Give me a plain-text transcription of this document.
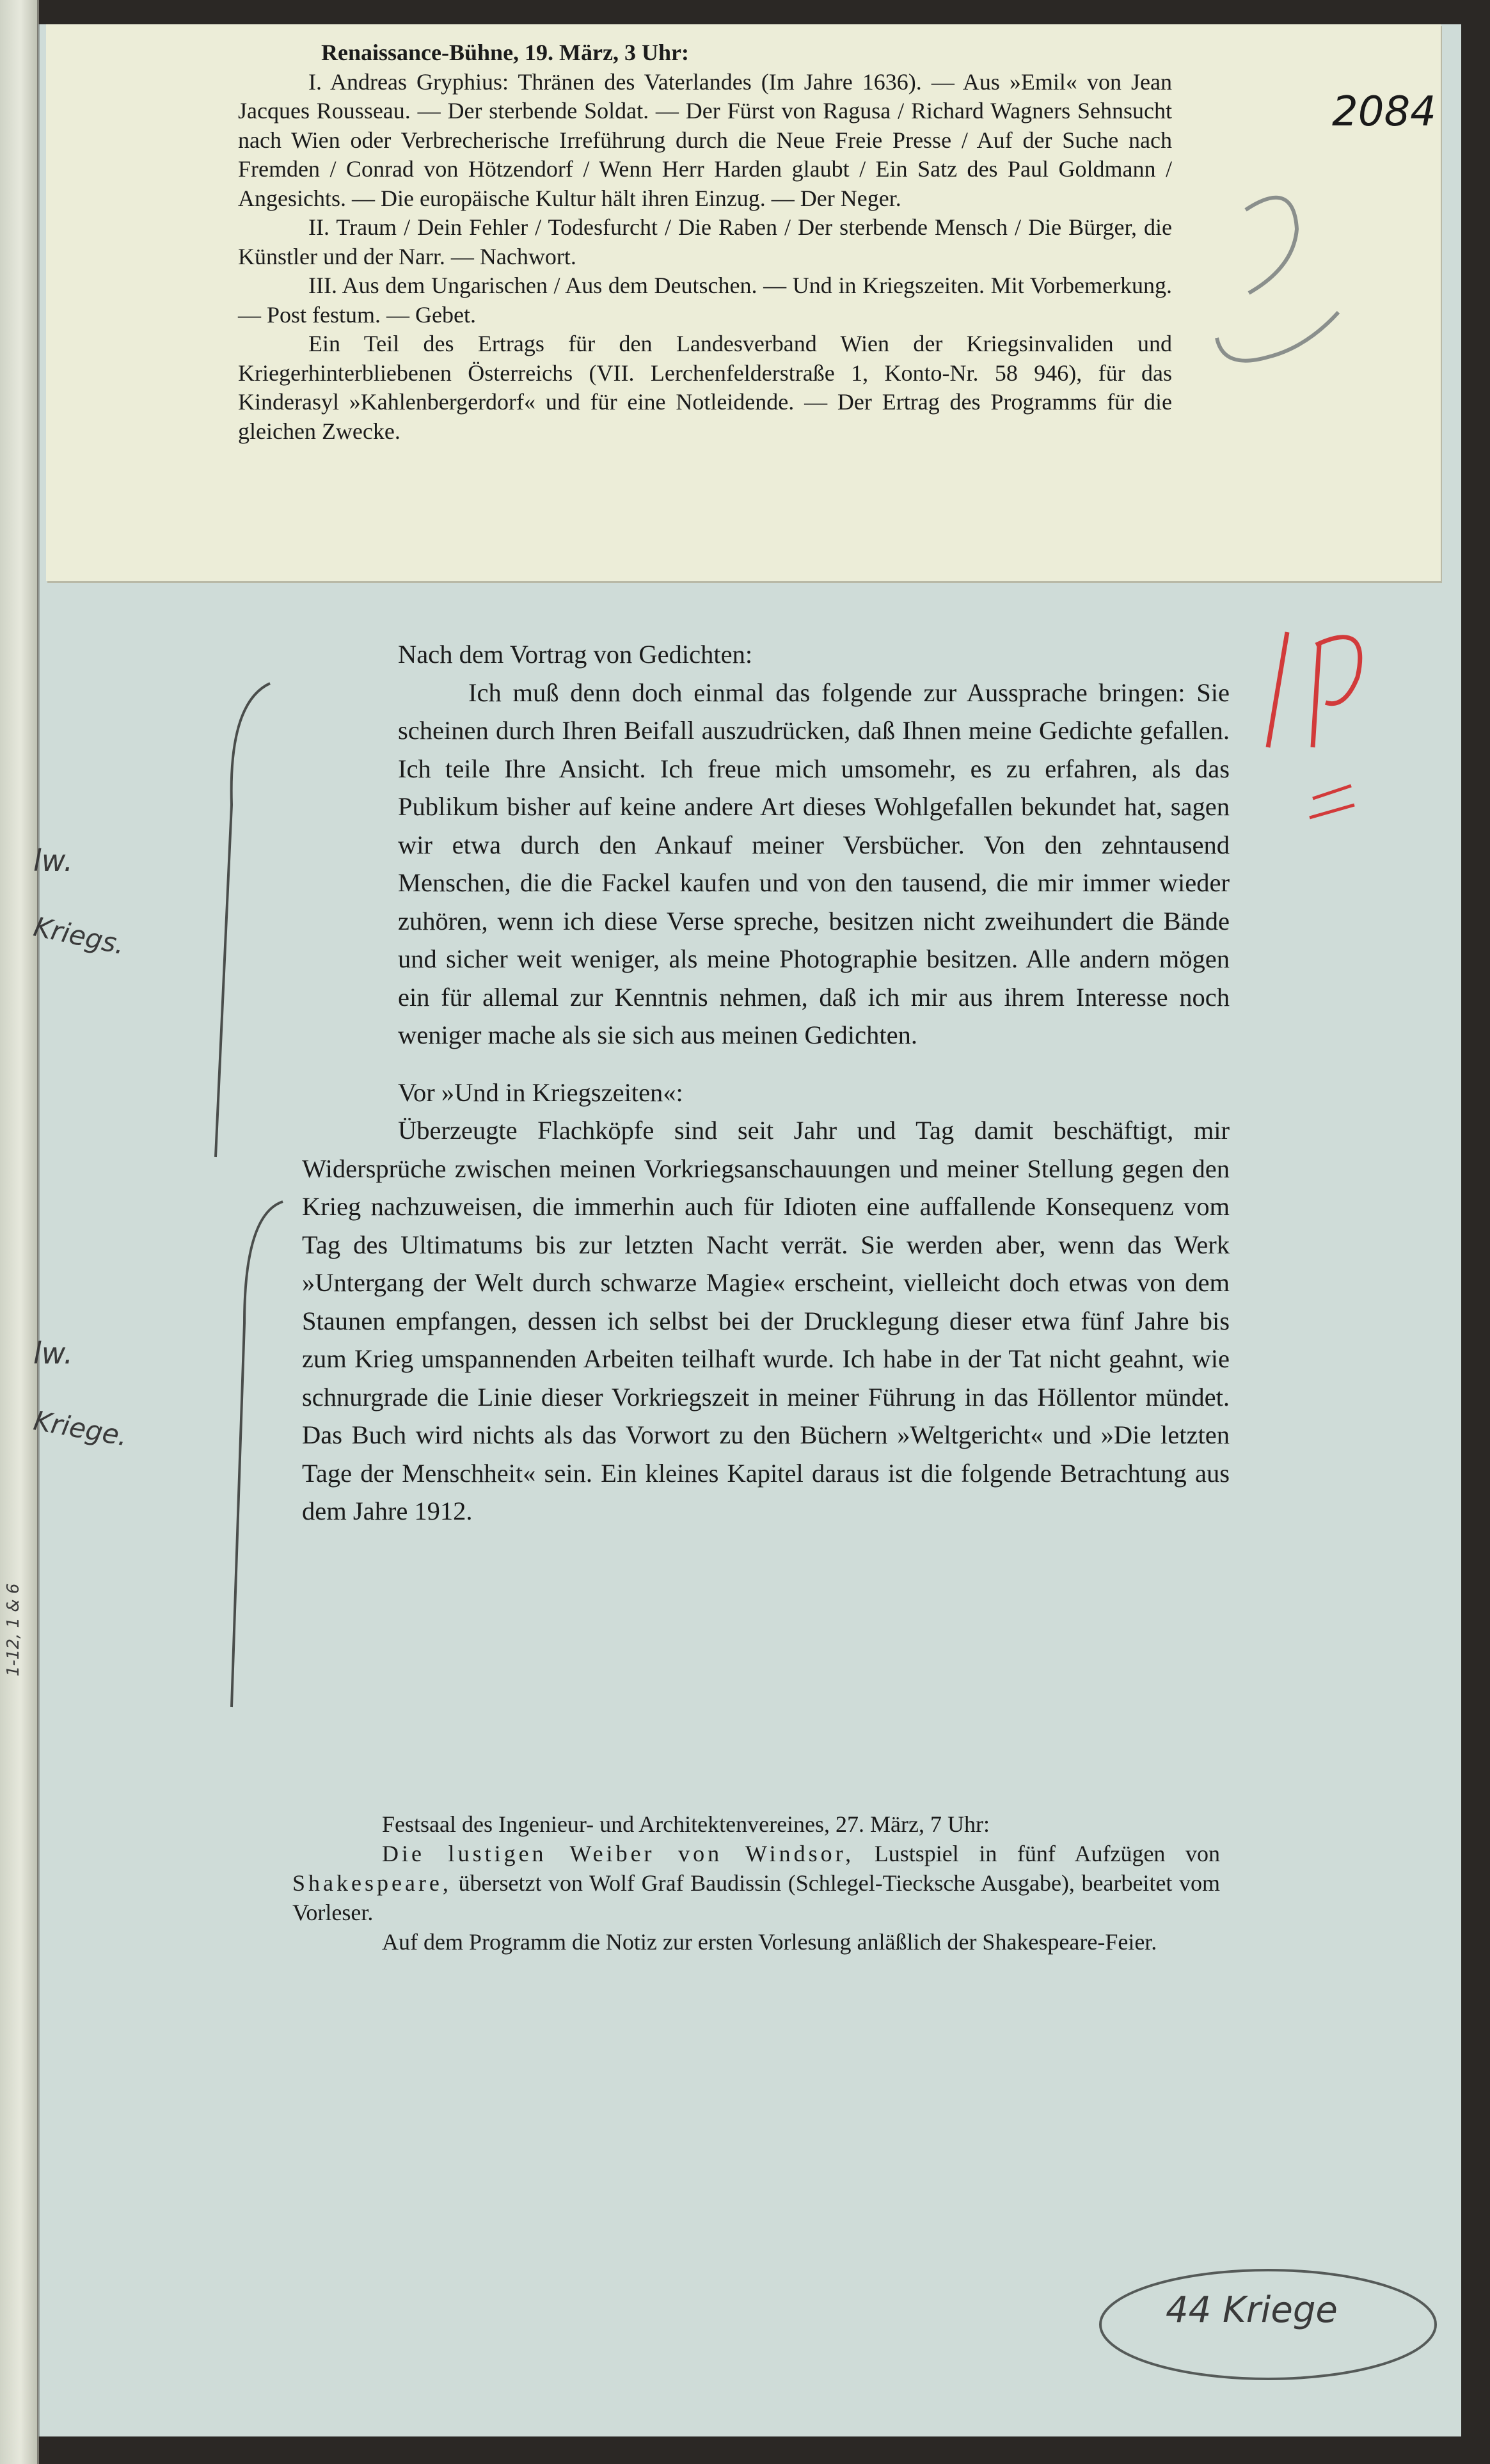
1-12, 1 & 6

Renaissance-Bühne, 19. März, 3 Uhr:

I. Andreas Gryphius: Thränen des Vaterlandes (Im Jahre 1636). — Aus »Emil« von Jean Jacques Rousseau. — Der sterbende Soldat. — Der Fürst von Ragusa / Richard Wagners Sehnsucht nach Wien oder Verbrecherische Irreführung durch die Neue Freie Presse / Auf der Suche nach Fremden / Conrad von Hötzendorf / Wenn Herr Harden glaubt / Ein Satz des Paul Goldmann / Angesichts. — Die europäische Kultur hält ihren Einzug. — Der Neger.

II. Traum / Dein Fehler / Todesfurcht / Die Raben / Der sterbende Mensch / Die Bürger, die Künstler und der Narr. — Nachwort.

III. Aus dem Ungarischen / Aus dem Deutschen. — Und in Kriegszeiten. Mit Vorbemerkung. — Post festum. — Gebet.

Ein Teil des Ertrags für den Landesverband Wien der Kriegsinvaliden und Kriegerhinterbliebenen Österreichs (VII. Lerchenfelderstraße 1, Konto-Nr. 58 946), für das Kinderasyl »Kahlenbergerdorf« und für eine Notleidende. — Der Ertrag des Programms für die gleichen Zwecke.

2084

Nach dem Vortrag von Gedichten:

Ich muß denn doch einmal das folgende zur Aussprache bringen: Sie scheinen durch Ihren Beifall auszudrücken, daß Ihnen meine Gedichte gefallen. Ich teile Ihre Ansicht. Ich freue mich umsomehr, es zu erfahren, als das Publikum bisher auf keine andere Art dieses Wohlgefallen bekundet hat, sagen wir etwa durch den Ankauf meiner Versbücher. Von den zehntausend Menschen, die die Fackel kaufen und von den tausend, die mir immer wieder zuhören, wenn ich diese Verse spreche, besitzen nicht zweihundert die Bände und sicher weit weniger, als meine Photographie besitzen. Alle andern mögen ein für allemal zur Kenntnis nehmen, daß ich mir aus ihrem Interesse noch weniger mache als sie sich aus meinen Gedichten.

Vor »Und in Kriegszeiten«:

Überzeugte Flachköpfe sind seit Jahr und Tag damit beschäftigt, mir Widersprüche zwischen meinen Vorkriegsanschauungen und meiner Stellung gegen den Krieg nachzuweisen, die immerhin auch für Idioten eine auffallende Konsequenz vom Tag des Ultimatums bis zur letzten Nacht verrät. Sie werden aber, wenn das Werk »Untergang der Welt durch schwarze Magie« erscheint, vielleicht doch etwas von dem Staunen empfangen, dessen ich selbst bei der Drucklegung dieser etwa fünf Jahre bis zum Krieg umspannenden Arbeiten teilhaft wurde. Ich habe in der Tat nicht geahnt, wie schnurgrade die Linie dieser Vorkriegszeit in meiner Führung in das Höllentor mündet. Das Buch wird nichts als das Vorwort zu den Büchern »Weltgericht« und »Die letzten Tage der Menschheit« sein. Ein kleines Kapitel daraus ist die folgende Betrachtung aus dem Jahre 1912.

Festsaal des Ingenieur- und Architektenvereines, 27. März, 7 Uhr:

Die lustigen Weiber von Windsor, Lustspiel in fünf Aufzügen von Shakespeare, übersetzt von Wolf Graf Baudissin (Schlegel-Tiecksche Ausgabe), bearbeitet vom Vorleser.

Auf dem Programm die Notiz zur ersten Vorlesung anläßlich der Shakespeare-Feier.

lw.
Kriegs.
lw.
Kriege.
44 Kriege
